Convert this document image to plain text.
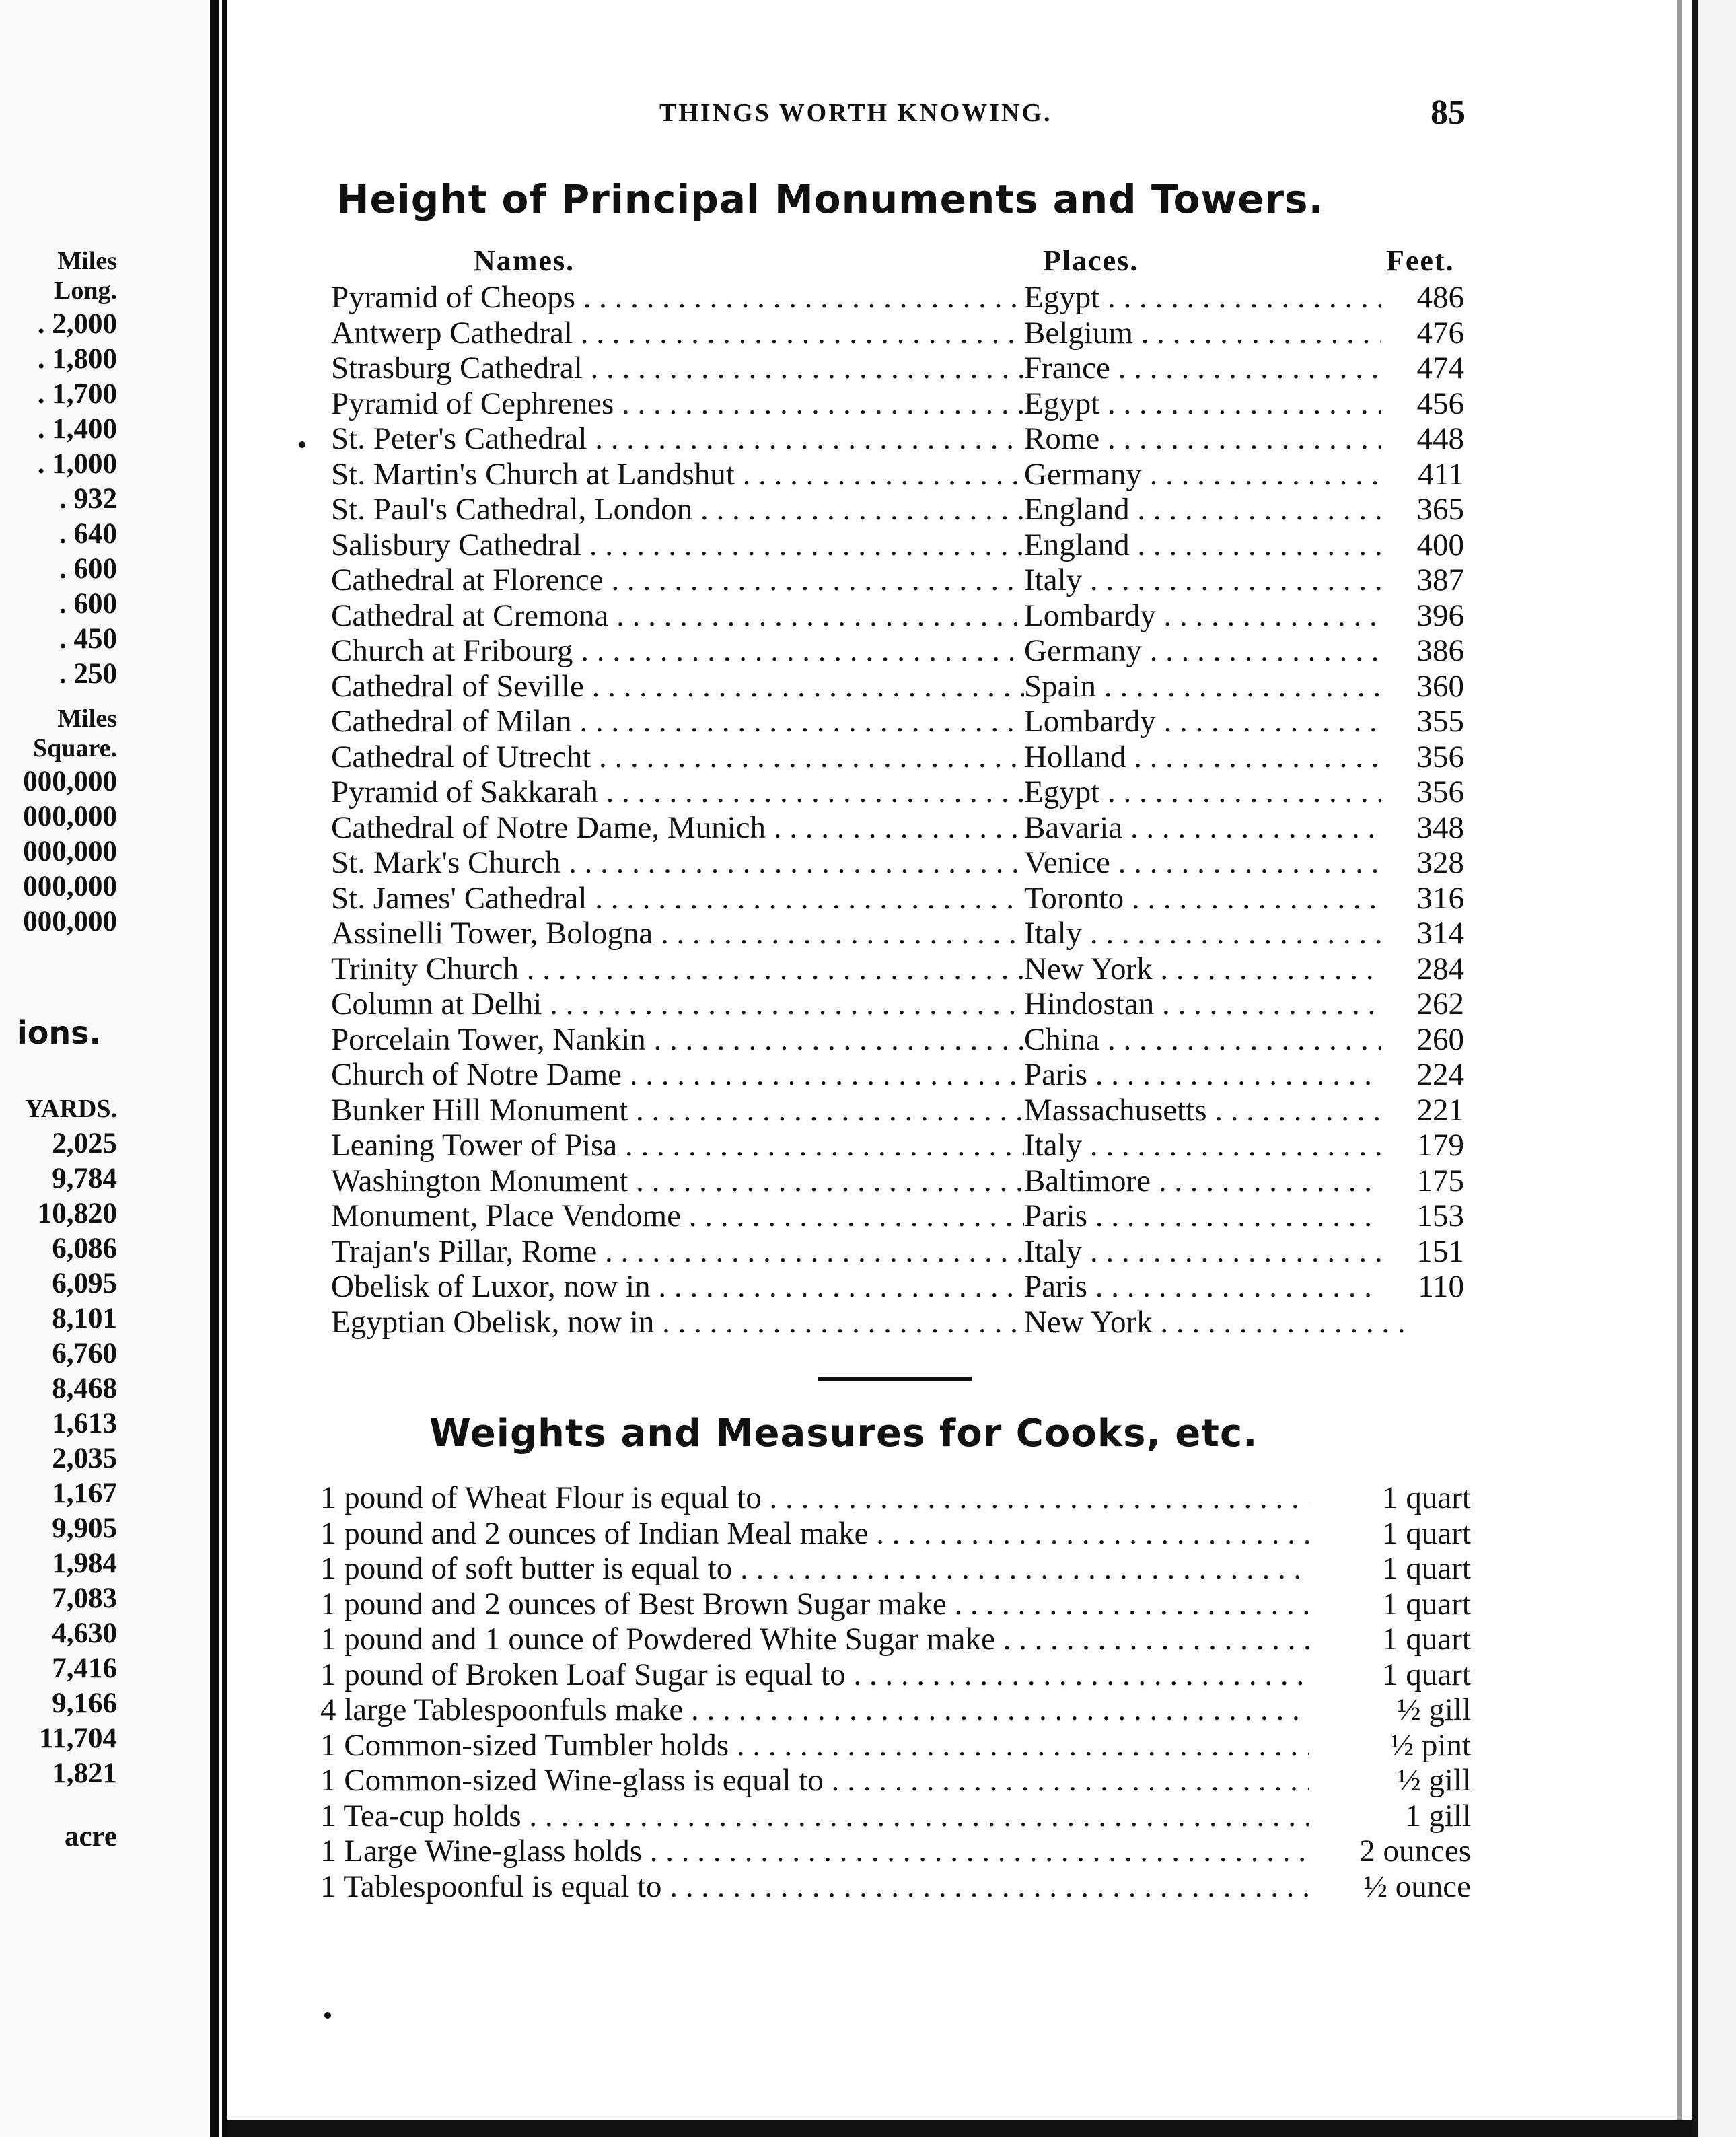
Miles
Long.
. 2,000
. 1,800
. 1,700
. 1,400
. 1,000
. 932
. 640
. 600
. 600
. 450
. 250
Miles
Square.
000,000
000,000
000,000
000,000
000,000
ions.
YARDS.
2,025
9,784
10,820
6,086
6,095
8,101
6,760
8,468
1,613
2,035
1,167
9,905
1,984
7,083
4,630
7,416
9,166
11,704
1,821
acre
THINGS WORTH KNOWING.	85
Height of Principal Monuments and Towers.
Names.	Places.	Feet.
Pyramid of Cheops . . .	Egypt . . .	486
Antwerp Cathedral . . .	Belgium . . .	476
Strasburg Cathedral . . .	France . . .	474
Pyramid of Cephrenes . . .	Egypt . . .	456
St. Peter's Cathedral . . .	Rome . . .	448
St. Martin's Church at Landshut . . .	Germany . . .	411
St. Paul's Cathedral, London . . .	England . . .	365
Salisbury Cathedral . . .	England . . .	400
Cathedral at Florence . . .	Italy . . .	387
Cathedral at Cremona . . .	Lombardy . . .	396
Church at Fribourg . . .	Germany . . .	386
Cathedral of Seville . . .	Spain . . .	360
Cathedral of Milan . . .	Lombardy . . .	355
Cathedral of Utrecht . . .	Holland . . .	356
Pyramid of Sakkarah . . .	Egypt . . .	356
Cathedral of Notre Dame, Munich . . .	Bavaria . . .	348
St. Mark's Church . . .	Venice . . .	328
St. James' Cathedral . . .	Toronto . . .	316
Assinelli Tower, Bologna . . .	Italy . . .	314
Trinity Church . . .	New York . . .	284
Column at Delhi . . .	Hindostan . . .	262
Porcelain Tower, Nankin . . .	China . . .	260
Church of Notre Dame . . .	Paris . . .	224
Bunker Hill Monument . . .	Massachusetts . . .	221
Leaning Tower of Pisa . . .	Italy . . .	179
Washington Monument . . .	Baltimore . . .	175
Monument, Place Vendome . . .	Paris . . .	153
Trajan's Pillar, Rome . . .	Italy . . .	151
Obelisk of Luxor, now in . . .	Paris . . .	110
Egyptian Obelisk, now in . . .	New York . . .
Weights and Measures for Cooks, etc.
1 pound of Wheat Flour is equal to . . .	1 quart
1 pound and 2 ounces of Indian Meal make . . .	1 quart
1 pound of soft butter is equal to . . .	1 quart
1 pound and 2 ounces of Best Brown Sugar make . . .	1 quart
1 pound and 1 ounce of Powdered White Sugar make . . .	1 quart
1 pound of Broken Loaf Sugar is equal to . . .	1 quart
4 large Tablespoonfuls make . . .	½ gill
1 Common-sized Tumbler holds . . .	½ pint
1 Common-sized Wine-glass is equal to . . .	½ gill
1 Tea-cup holds . . .	1 gill
1 Large Wine-glass holds . . .	2 ounces
1 Tablespoonful is equal to . . .	½ ounce
